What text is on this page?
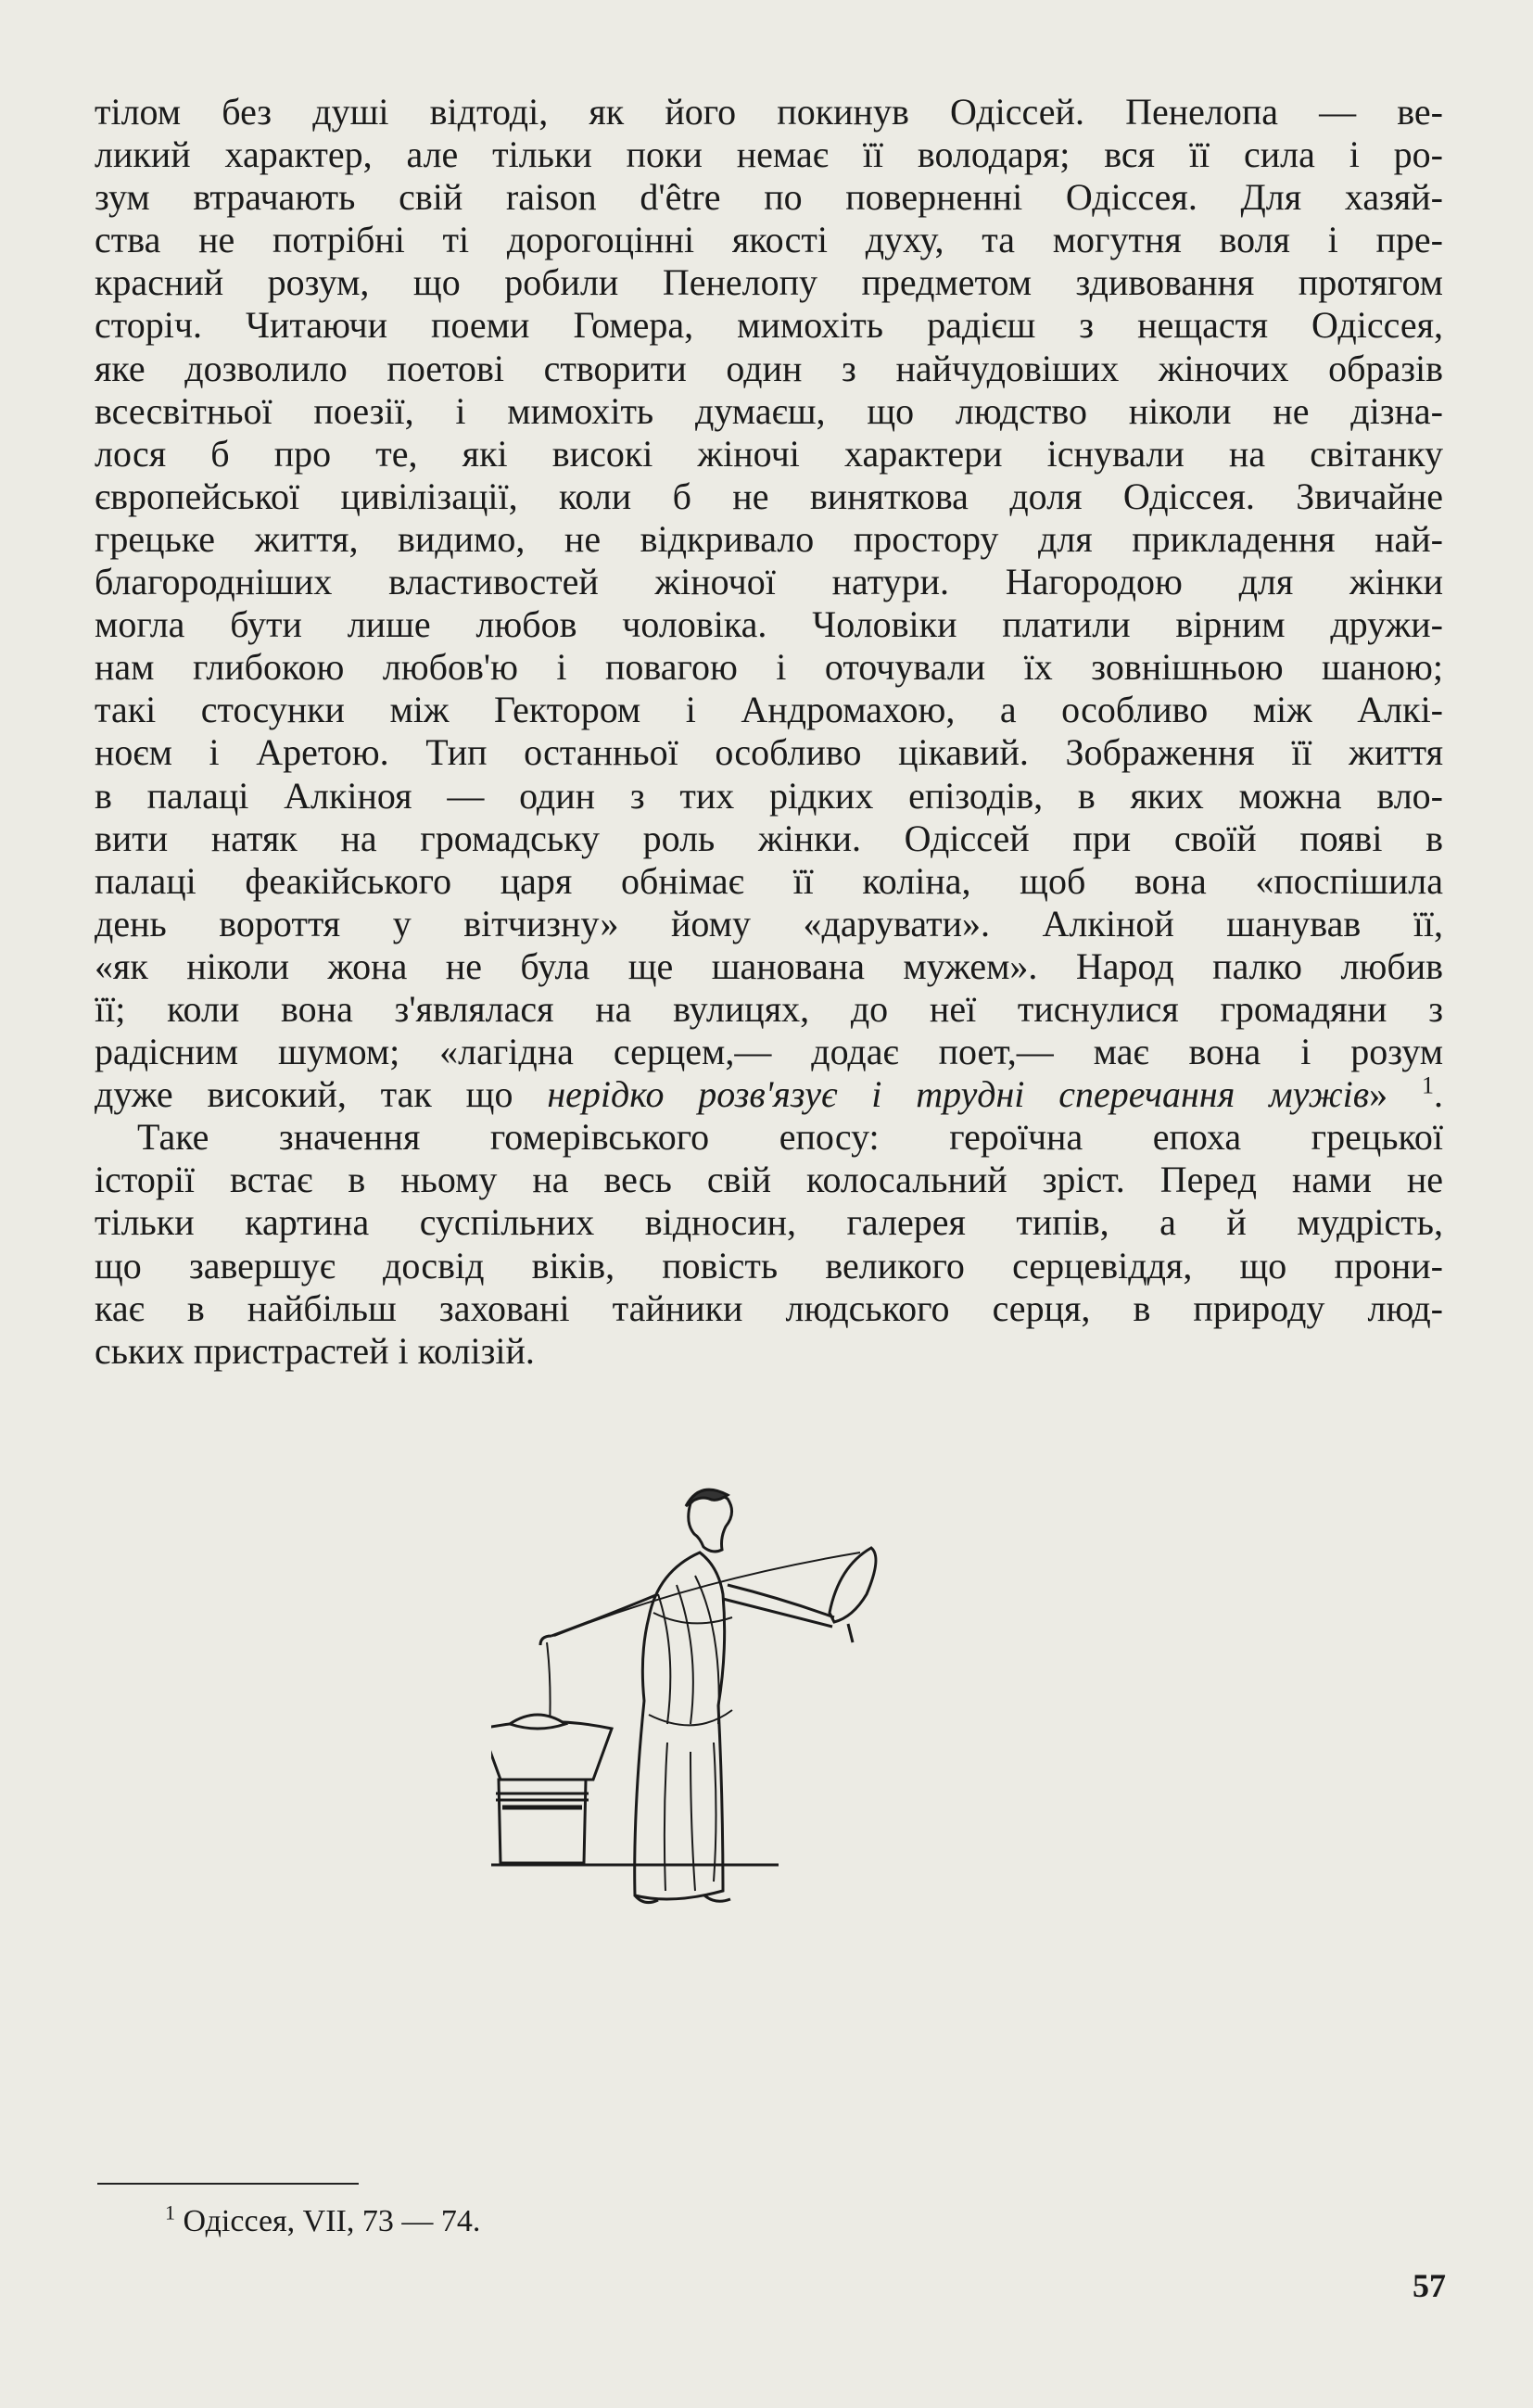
тілом без душі відтоді, як його покинув Одіссей. Пенелопа — ве-
ликий характер, але тільки поки немає її володаря; вся її сила і ро-
зум втрачають свій raison d'être по поверненні Одіссея. Для хазяй-
ства не потрібні ті дорогоцінні якості духу, та могутня воля і пре-
красний розум, що робили Пенелопу предметом здивовання протягом
сторіч. Читаючи поеми Гомера, мимохіть радієш з нещастя Одіссея,
яке дозволило поетові створити один з найчудовіших жіночих образів
всесвітньої поезії, і мимохіть думаєш, що людство ніколи не дізна-
лося б про те, які високі жіночі характери існували на світанку
європейської цивілізації, коли б не виняткова доля Одіссея. Звичайне
грецьке життя, видимо, не відкривало простору для прикладення най-
благородніших властивостей жіночої натури. Нагородою для жінки
могла бути лише любов чоловіка. Чоловіки платили вірним дружи-
нам глибокою любов'ю і повагою і оточували їх зовнішньою шаною;
такі стосунки між Гектором і Андромахою, а особливо між Алкі-
ноєм і Аретою. Тип останньої особливо цікавий. Зображення її життя
в палаці Алкіноя — один з тих рідких епізодів, в яких можна вло-
вити натяк на громадську роль жінки. Одіссей при своїй появі в
палаці феакійського царя обнімає її коліна, щоб вона «поспішила
день вороття у вітчизну» йому «дарувати». Алкіной шанував її,
«як ніколи жона не була ще шанована мужем». Народ палко любив
її; коли вона з'являлася на вулицях, до неї тиснулися громадяни з
радісним шумом; «лагідна серцем,— додає поет,— має вона і розум
дуже високий, так що нерідко розв'язує і трудні сперечання мужів» $^1$.
Таке значення гомерівського епосу: героїчна епоха грецької
історії встає в ньому на весь свій колосальний зріст. Перед нами не
тільки картина суспільних відносин, галерея типів, а й мудрість,
що завершує досвід віків, повість великого серцевіддя, що прони-
кає в найбільш заховані тайники людського серця, в природу люд-
ських пристрастей і колізій.
$^1$ Одіссея, VII, 73 — 74.
57
